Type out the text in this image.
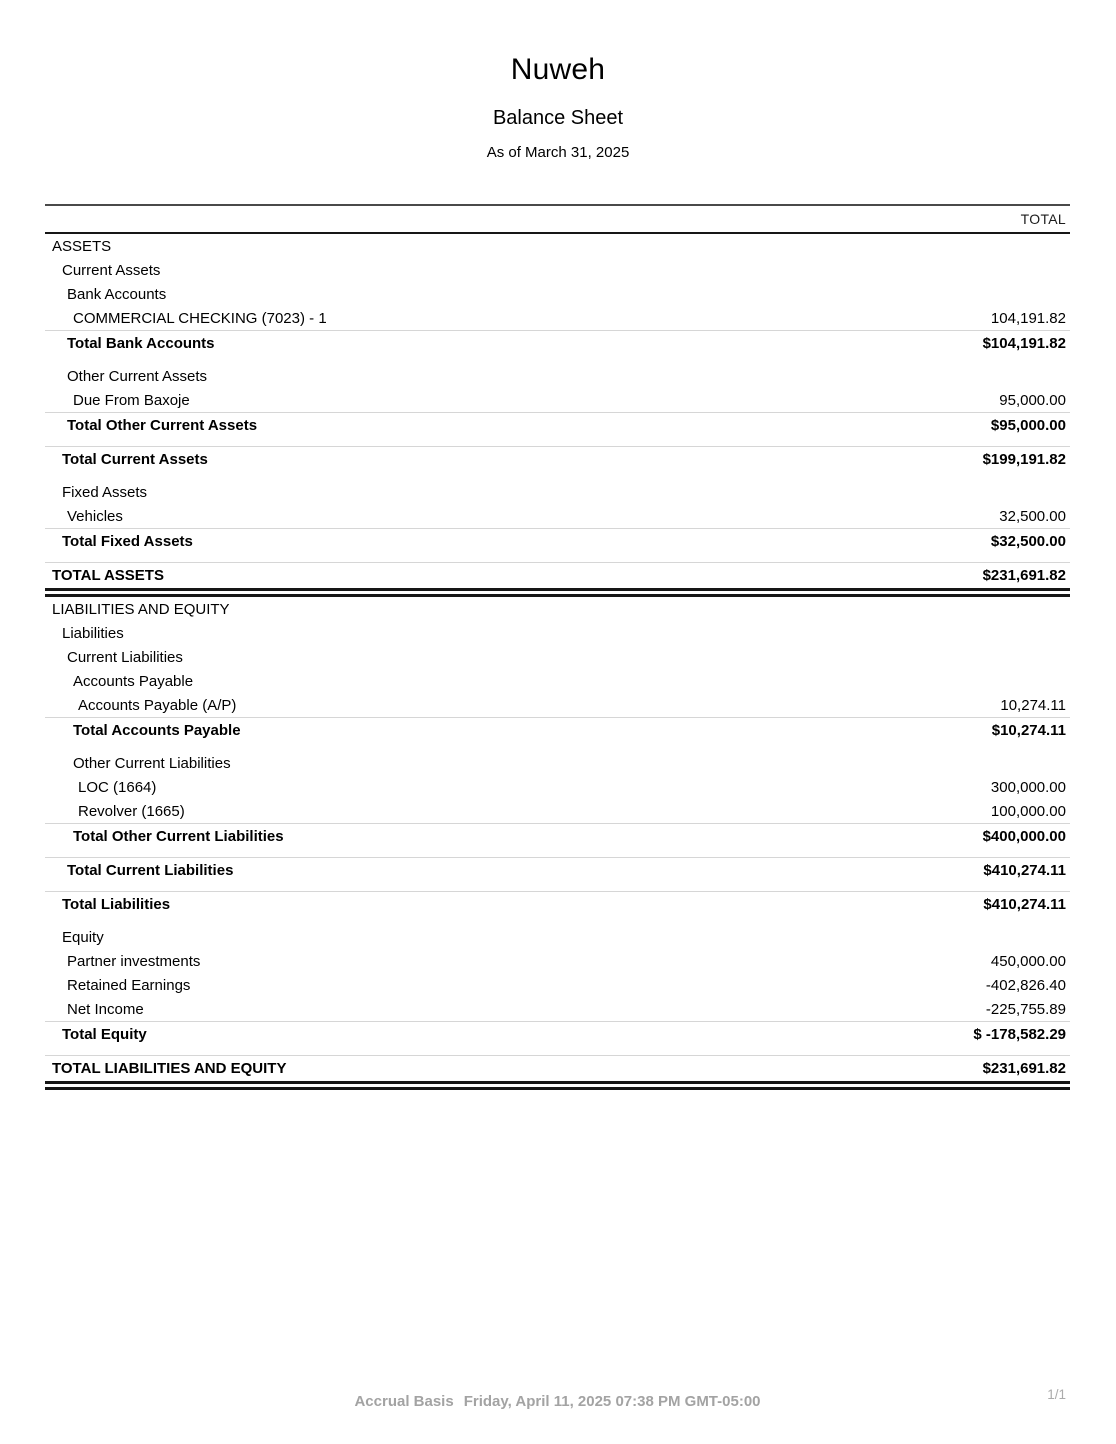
Nuweh
Balance Sheet
As of March 31, 2025
TOTAL
ASSETS
Current Assets
Bank Accounts
COMMERCIAL CHECKING (7023) - 1	104,191.82
Total Bank Accounts	$104,191.82
Other Current Assets
Due From Baxoje	95,000.00
Total Other Current Assets	$95,000.00
Total Current Assets	$199,191.82
Fixed Assets
Vehicles	32,500.00
Total Fixed Assets	$32,500.00
TOTAL ASSETS	$231,691.82
LIABILITIES AND EQUITY
Liabilities
Current Liabilities
Accounts Payable
Accounts Payable (A/P)	10,274.11
Total Accounts Payable	$10,274.11
Other Current Liabilities
LOC (1664)	300,000.00
Revolver (1665)	100,000.00
Total Other Current Liabilities	$400,000.00
Total Current Liabilities	$410,274.11
Total Liabilities	$410,274.11
Equity
Partner investments	450,000.00
Retained Earnings	-402,826.40
Net Income	-225,755.89
Total Equity	$ -178,582.29
TOTAL LIABILITIES AND EQUITY	$231,691.82
Accrual Basis Friday, April 11, 2025 07:38 PM GMT-05:00	1/1
